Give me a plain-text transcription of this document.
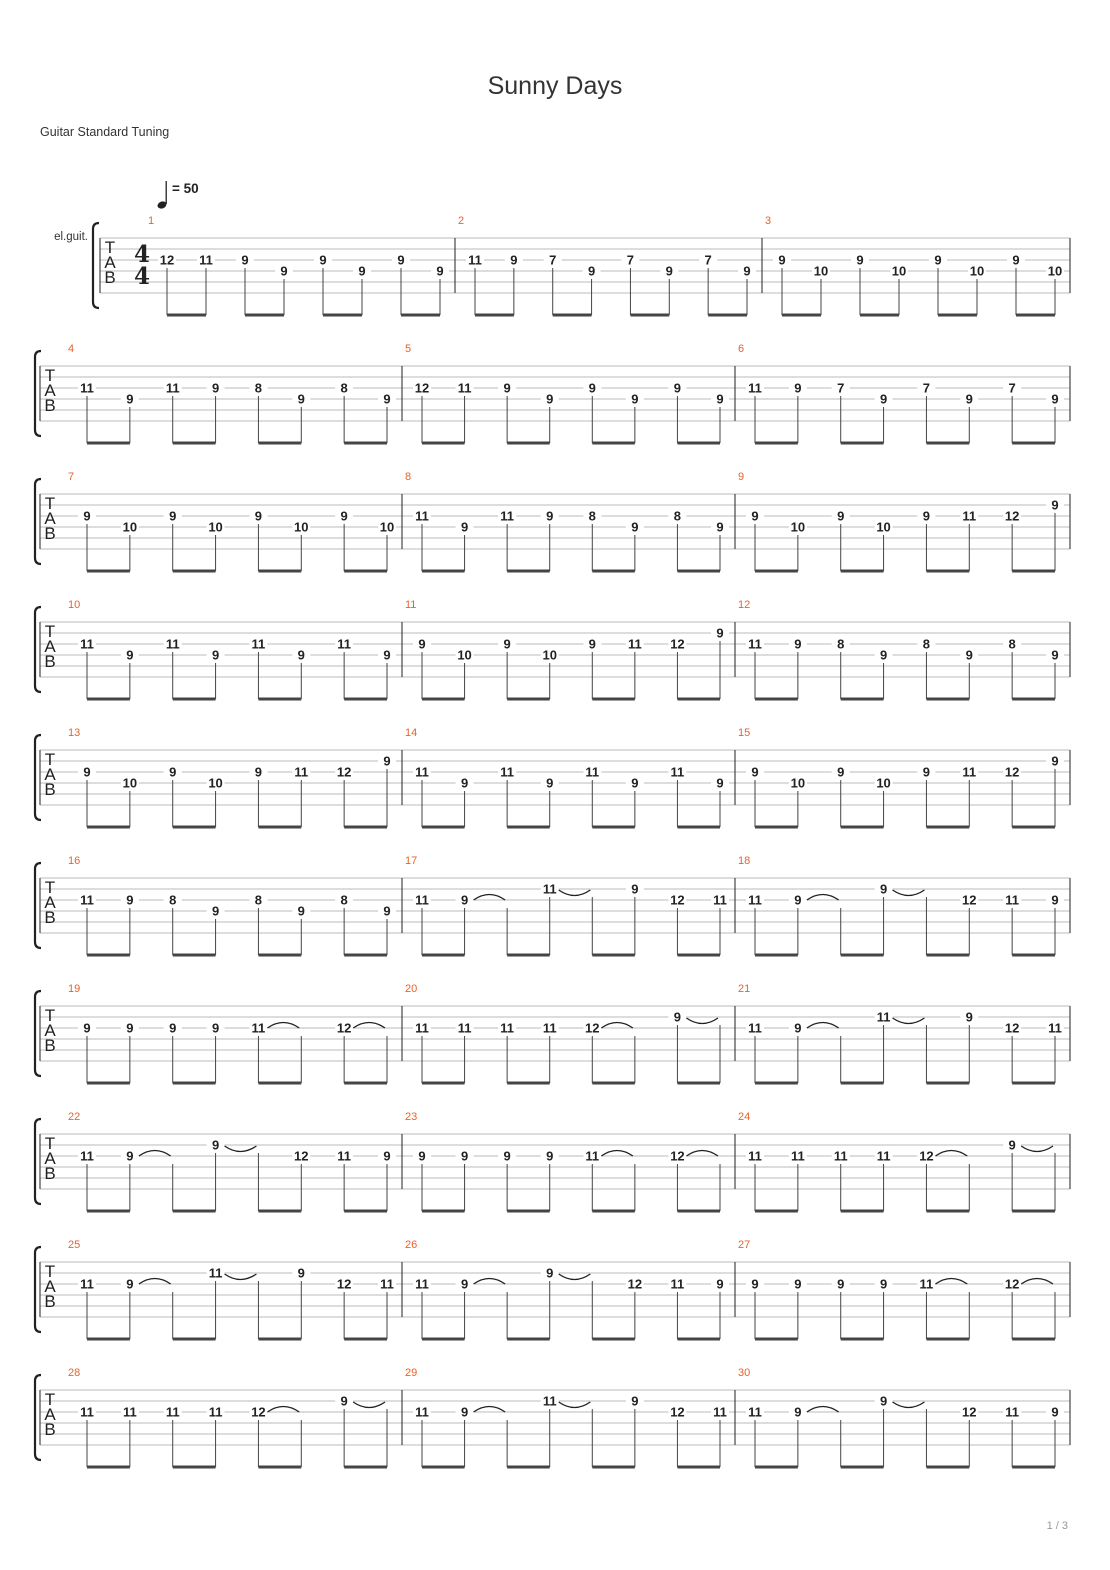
Sunny Days
Guitar Standard Tuning
= 50
T
A
B
el.guit.
4
4
1
12 11 9
9
9
9
9
9
2
11 9 7
9
7
9
7
9
3
9
10
9
10
9
10
9
10
T
A
B
4
11
9
11 9	8
9
8
9
5
12 11 9
9
9
9
9
9
6
11 9	7
9
7
9
7
9
T
A
B
7
9
10
9
10
9
10
9
10
8
11
9
11 9	8
9
8
9
9
9
10
9
10
9 11 12
9
T
A
B
10
11
9
11
9
11
9
11
9
11
9
10
9
10
9 11 12
9
12
11 9	8
9
8
9
8
9
T
A
B
13
9
10
9
10
9 11 12
9
14
11
9
11
9
11
9
11
9
15
9
10
9
10
9 11 12
9
T
A
B
16
11 9	8
9
8
9
8
9
17
11 9
11	9
12 11
18
11 9
9
12 11 9
T
A
B
19
9	9	9	9 11	12
20
11 11 11 11 12
9
21
11 9
11	9
12 11
T
A
B
22
11 9
9
12 11 9
23
9	9	9	9 11	12
24
11 11 11 11 12
9
T
A
B
25
11 9
11	9
12 11
26
11 9
9
12 11 9
27
9	9	9	9 11	12
T
A
B
28
11 11 11 11 12
9
29
11 9
11	9
12 11
30
11 9
9
12 11 9
1 / 3
